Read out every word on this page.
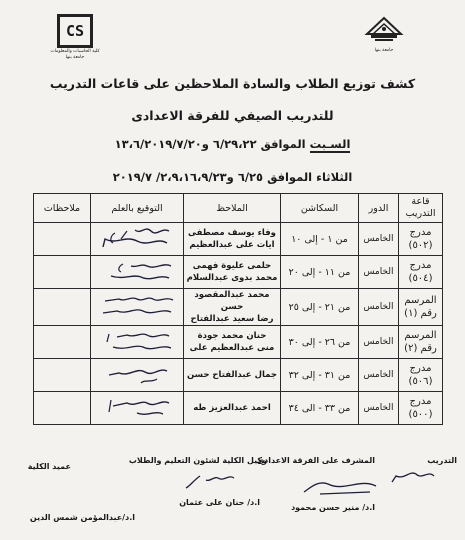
CS
كلية الحاسبات والمعلومات
جامعة بنها
جامعة بنها
كشف توزيع الطلاب والسادة الملاحظين على قاعات التدريب
للتدريب الصيفي للفرقة الاعدادى
السـبت الموافق ٦/٢٩،٢٢ و١٣،٦/٢٠١٩/٧/٢٠
الثلاثاء الموافق ٦/٢٥ و٢،٩،١٦،٩/٢٣/ ٢٠١٩/٧
قاعة التدريب	الدور	السكاشن	الملاحظ	التوقيع بالعلم	ملاحظات
مدرج (٥٠٢)	الخامس	من ١ - إلى ١٠	وفاء يوسف مصطفى
ايات على عبدالعظيم

مدرج (٥٠٤)	الخامس	من ١١ - إلى ٢٠	حلمى عليوة فهمى
محمد بدوى عبدالسلام

المرسم رقم (١)	الخامس	من ٢١ - إلى ٢٥	محمد عبدالمقصود حسن
رضا سعيد عبدالفتاح

المرسم رقم (٢)	الخامس	من ٢٦ - إلى ٣٠	حنان محمد جودة
منى عبدالعظيم على

مدرج (٥٠٦)	الخامس	من ٣١ - إلى ٣٢	جمال عبدالفتاح حسن

مدرج (٥٠٠)	الخامس	من ٣٣ - الى ٣٤	احمد عبدالعزيز طه

التدريب
المشرف على الفرقة الاعدادى
ا.د/ منير حسن محمود
وكيل الكلية لشئون التعليم والطلاب
ا.د/ حنان على عثمان
عميد الكلية
ا.د/عبدالمؤمن شمس الدين
